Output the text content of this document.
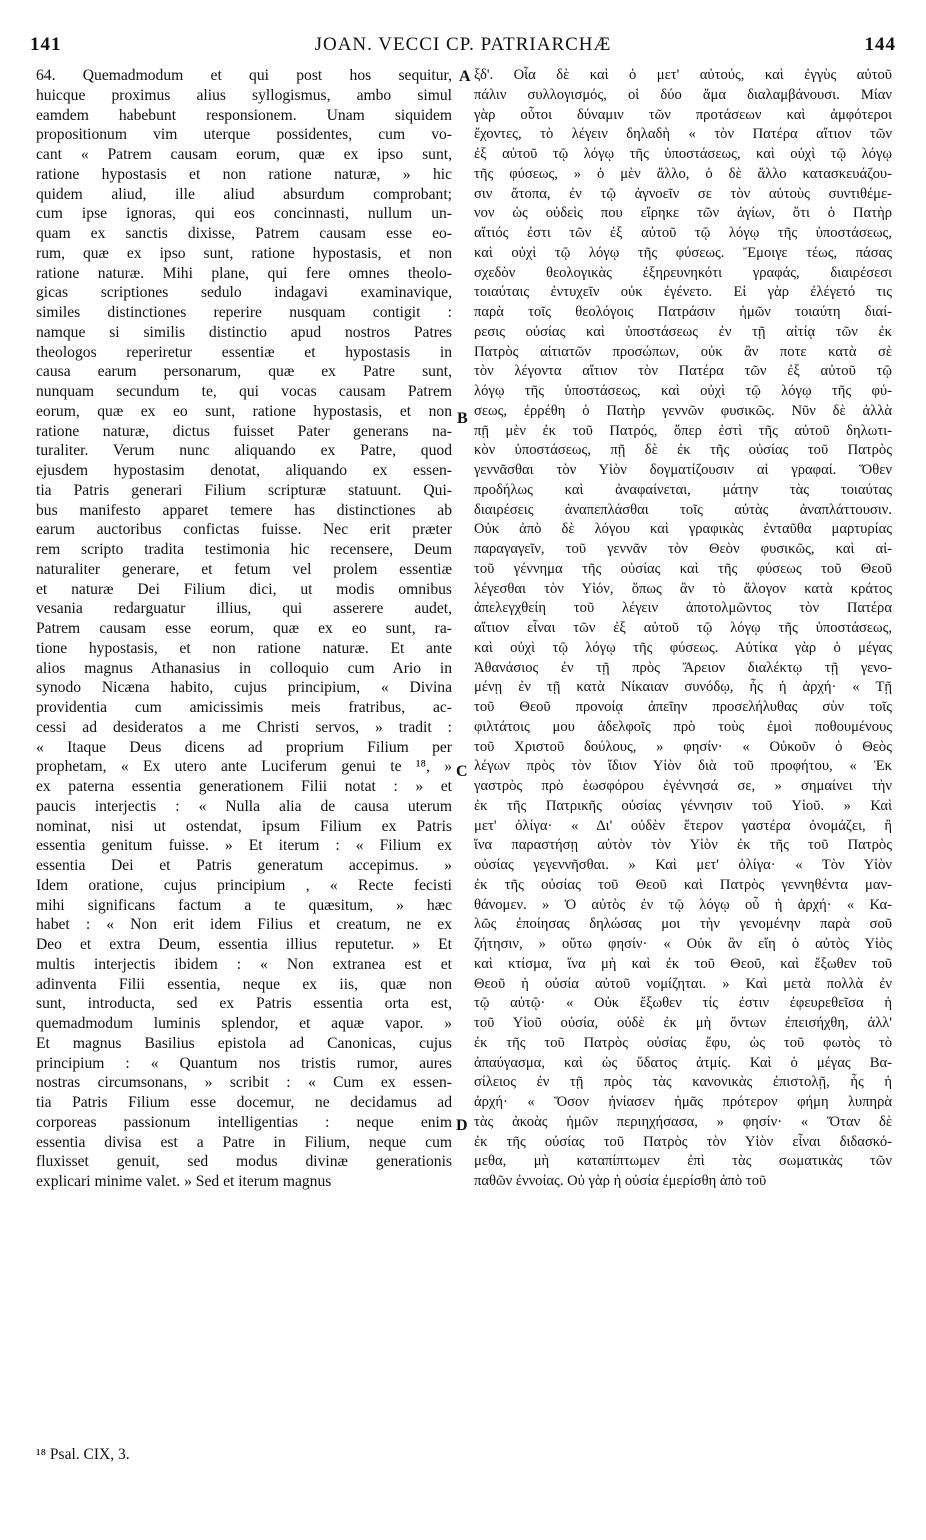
141	JOAN. VECCI CP. PATRIARCHÆ	144
64. Quemadmodum et qui post hos sequitur,
huicque proximus alius syllogismus, ambo simul
eamdem habebunt responsionem. Unam siquidem
propositionum vim uterque possidentes, cum vo-
cant « Patrem causam eorum, quæ ex ipso sunt,
ratione hypostasis et non ratione naturæ, » hic
quidem aliud, ille aliud absurdum comprobant;
cum ipse ignoras, qui eos concinnasti, nullum un-
quam ex sanctis dixisse, Patrem causam esse eo-
rum, quæ ex ipso sunt, ratione hypostasis, et non
ratione naturæ. Mihi plane, qui fere omnes theolo-
gicas scriptiones sedulo indagavi examinavique,
similes distinctiones reperire nusquam contigit :
namque si similis distinctio apud nostros Patres
theologos reperiretur essentiæ et hypostasis in
causa earum personarum, quæ ex Patre sunt,
nunquam secundum te, qui vocas causam Patrem
eorum, quæ ex eo sunt, ratione hypostasis, et non
ratione naturæ, dictus fuisset Pater generans na-
turaliter. Verum nunc aliquando ex Patre, quod
ejusdem hypostasim denotat, aliquando ex essen-
tia Patris generari Filium scripturæ statuunt. Qui-
bus manifesto apparet temere has distinctiones ab
earum auctoribus confictas fuisse. Nec erit præter
rem scripto tradita testimonia hic recensere, Deum
naturaliter generare, et fetum vel prolem essentiæ
et naturæ Dei Filium dici, ut modis omnibus
vesania redarguatur illius, qui asserere audet,
Patrem causam esse eorum, quæ ex eo sunt, ra-
tione hypostasis, et non ratione naturæ. Et ante
alios magnus Athanasius in colloquio cum Ario in
synodo Nicæna habito, cujus principium, « Divina
providentia cum amicissimis meis fratribus, ac-
cessi ad desideratos a me Christi servos, » tradit :
« Itaque Deus dicens ad proprium Filium per
prophetam, « Ex utero ante Luciferum genui te ¹⁸, »
ex paterna essentia generationem Filii notat : » et
paucis interjectis : « Nulla alia de causa uterum
nominat, nisi ut ostendat, ipsum Filium ex Patris
essentia genitum fuisse. » Et iterum : « Filium ex
essentia Dei et Patris generatum accepimus. »
Idem oratione, cujus principium , « Recte fecisti
mihi significans factum a te quæsitum, » hæc
habet : « Non erit idem Filius et creatum, ne ex
Deo et extra Deum, essentia illius reputetur. » Et
multis interjectis ibidem : « Non extranea est et
adinventa Filii essentia, neque ex iis, quæ non
sunt, introducta, sed ex Patris essentia orta est,
quemadmodum luminis splendor, et aquæ vapor. »
Et magnus Basilius epistola ad Canonicas, cujus
principium : « Quantum nos tristis rumor, aures
nostras circumsonans, » scribit : « Cum ex essen-
tia Patris Filium esse docemur, ne decidamus ad
corporeas passionum intelligentias : neque enim
essentia divisa est a Patre in Filium, neque cum
fluxisset genuit, sed modus divinæ generationis
explicari minime valet. » Sed et iterum magnus
ξδ'. Οἷα δὲ καὶ ὁ μετ' αὐτούς, καὶ ἐγγὺς αὐτοῦ
πάλιν συλλογισμός, οἱ δύο ἅμα διαλαμβάνουσι. Μίαν
γὰρ οὗτοι δύναμιν τῶν προτάσεων καὶ ἀμφότεροι
ἔχοντες, τὸ λέγειν δηλαδὴ « τὸν Πατέρα αἴτιον τῶν
ἐξ αὐτοῦ τῷ λόγῳ τῆς ὑποστάσεως, καὶ οὐχὶ τῷ λόγῳ
τῆς φύσεως, » ὁ μὲν ἄλλο, ὁ δὲ ἄλλο κατασκευάζου-
σιν ἄτοπα, ἐν τῷ ἀγνοεῖν σε τὸν αὐτοὺς συντιθέμε-
νον ὡς οὐδεὶς που εἴρηκε τῶν ἁγίων, ὅτι ὁ Πατὴρ
αἴτιός ἐστι τῶν ἐξ αὐτοῦ τῷ λόγῳ τῆς ὑποστάσεως,
καὶ οὐχὶ τῷ λόγῳ τῆς φύσεως. Ἔμοιγε τέως, πάσας
σχεδὸν θεολογικὰς ἐξηρευνηκότι γραφάς, διαιρέσεσι
τοιαύταις ἐντυχεῖν οὐκ ἐγένετο. Εἰ γὰρ ἐλέγετό τις
παρὰ τοῖς θεολόγοις Πατράσιν ἡμῶν τοιαύτη διαί-
ρεσις οὐσίας καὶ ὑποστάσεως ἐν τῇ αἰτίᾳ τῶν ἐκ
Πατρὸς αἰτιατῶν προσώπων, οὐκ ἂν ποτε κατὰ σὲ
τὸν λέγοντα αἴτιον τὸν Πατέρα τῶν ἐξ αὐτοῦ τῷ
λόγῳ τῆς ὑποστάσεως, καὶ οὐχὶ τῷ λόγῳ τῆς φύ-
σεως, ἐρρέθη ὁ Πατὴρ γεννῶν φυσικῶς. Νῦν δὲ ἀλλὰ
πῇ μὲν ἐκ τοῦ Πατρός, ὅπερ ἐστὶ τῆς αὐτοῦ δηλωτι-
κὸν ὑποστάσεως, πῇ δὲ ἐκ τῆς οὐσίας τοῦ Πατρὸς
γεννᾶσθαι τὸν Υἱὸν δογματίζουσιν αἱ γραφαί. Ὅθεν
προδήλως καὶ ἀναφαίνεται, μάτην τὰς τοιαύτας
διαιρέσεις ἀναπεπλάσθαι τοῖς αὐτὰς ἀναπλάττουσιν.
Οὐκ ἀπὸ δὲ λόγου καὶ γραφικὰς ἐνταῦθα μαρτυρίας
παραγαγεῖν, τοῦ γεννᾶν τὸν Θεὸν φυσικῶς, καὶ αἰ-
τοῦ γέννημα τῆς οὐσίας καὶ τῆς φύσεως τοῦ Θεοῦ
λέγεσθαι τὸν Υἱόν, ὅπως ἂν τὸ ἄλογον κατὰ κράτος
ἀπελεγχθείη τοῦ λέγειν ἀποτολμῶντος τὸν Πατέρα
αἴτιον εἶναι τῶν ἐξ αὐτοῦ τῷ λόγῳ τῆς ὑποστάσεως,
καὶ οὐχὶ τῷ λόγῳ τῆς φύσεως. Αὐτίκα γὰρ ὁ μέγας
Ἀθανάσιος ἐν τῇ πρὸς Ἄρειον διαλέκτῳ τῇ γενο-
μένῃ ἐν τῇ κατὰ Νίκαιαν συνόδῳ, ἧς ἡ ἀρχή· « Τῇ
τοῦ Θεοῦ προνοίᾳ ἀπεῖην προσελήλυθας σὺν τοῖς
φιλτάτοις μου ἀδελφοῖς πρὸ τοὺς ἐμοὶ ποθουμένους
τοῦ Χριστοῦ δούλους, » φησίν· « Οὐκοῦν ὁ Θεὸς
λέγων πρὸς τὸν ἴδιον Υἱὸν διὰ τοῦ προφήτου, « Ἐκ
γαστρὸς πρὸ ἑωσφόρου ἐγέννησά σε, » σημαίνει τὴν
ἐκ τῆς Πατρικῆς οὐσίας γέννησιν τοῦ Υἱοῦ. » Καὶ
μετ' ὀλίγα· « Δι' οὐδὲν ἕτερον γαστέρα ὀνομάζει, ἢ
ἵνα παραστήσῃ αὐτὸν τὸν Υἱὸν ἐκ τῆς τοῦ Πατρὸς
οὐσίας γεγεννῆσθαι. » Καὶ μετ' ὀλίγα· « Τὸν Υἱὸν
ἐκ τῆς οὐσίας τοῦ Θεοῦ καὶ Πατρὸς γεννηθέντα μαν-
θάνομεν. » Ὁ αὐτὸς ἐν τῷ λόγῳ οὗ ἡ ἀρχή· « Κα-
λῶς ἐποίησας δηλώσας μοι τὴν γενομένην παρὰ σοῦ
ζήτησιν, » οὕτω φησίν· « Οὐκ ἂν εἴη ὁ αὐτὸς Υἱὸς
καὶ κτίσμα, ἵνα μὴ καὶ ἐκ τοῦ Θεοῦ, καὶ ἔξωθεν τοῦ
Θεοῦ ἡ οὐσία αὐτοῦ νομίζηται. » Καὶ μετὰ πολλὰ ἐν
τῷ αὐτῷ· « Οὐκ ἔξωθεν τίς ἐστιν ἐφευρεθεῖσα ἡ
τοῦ Υἱοῦ οὐσία, οὐδὲ ἐκ μὴ ὄντων ἐπεισήχθη, ἀλλ'
ἐκ τῆς τοῦ Πατρὸς οὐσίας ἔφυ, ὡς τοῦ φωτὸς τὸ
ἀπαύγασμα, καὶ ὡς ὕδατος ἀτμίς. Καὶ ὁ μέγας Βα-
σίλειος ἐν τῇ πρὸς τὰς κανονικὰς ἐπιστολῇ, ἧς ἡ
ἀρχή· « Ὅσον ἠνίασεν ἡμᾶς πρότερον φήμη λυπηρὰ
τὰς ἀκοὰς ἡμῶν περιηχήσασα, » φησίν· « Ὅταν δὲ
ἐκ τῆς οὐσίας τοῦ Πατρὸς τὸν Υἱὸν εἶναι διδασκό-
μεθα, μὴ καταπίπτωμεν ἐπὶ τὰς σωματικὰς τῶν
παθῶν ἐννοίας. Οὐ γὰρ ἡ οὐσία ἐμερίσθη ἀπὸ τοῦ
A
B
C
D
¹⁸ Psal. CIX, 3.
